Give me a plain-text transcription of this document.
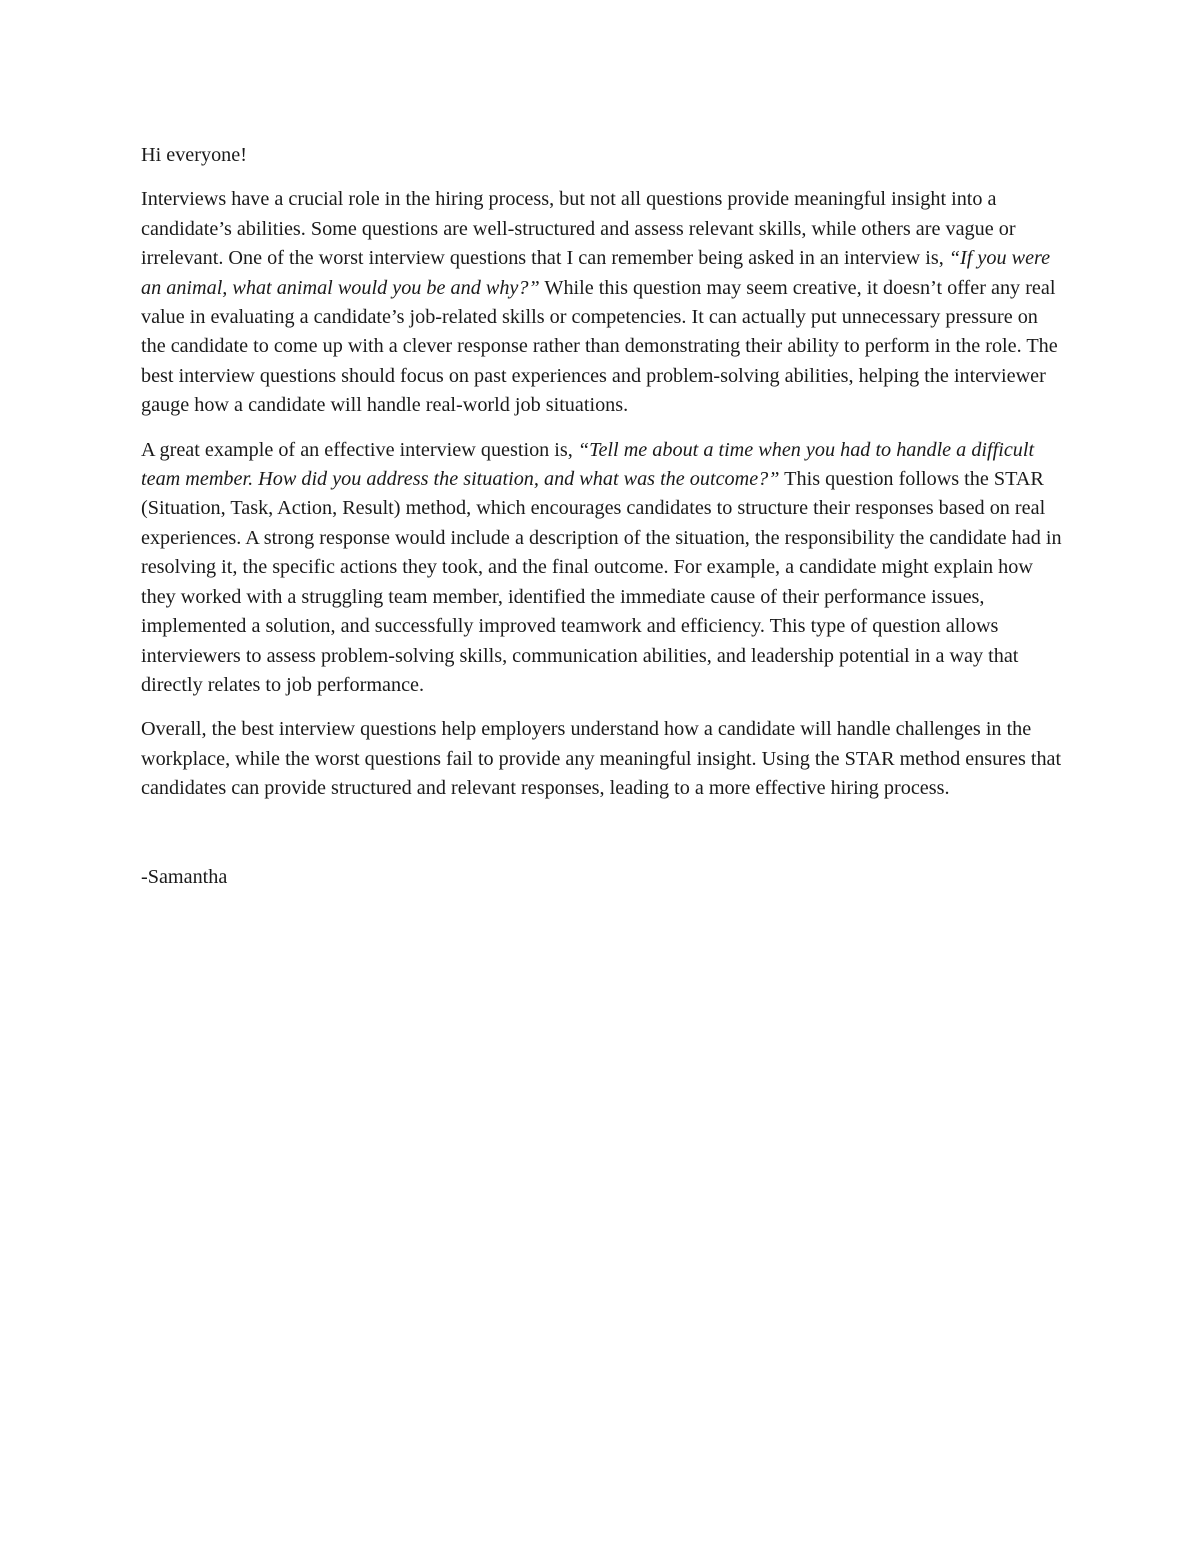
Hi everyone!

Interviews have a crucial role in the hiring process, but not all questions provide meaningful insight into a candidate’s abilities. Some questions are well-structured and assess relevant skills, while others are vague or irrelevant. One of the worst interview questions that I can remember being asked in an interview is, “If you were an animal, what animal would you be and why?” While this question may seem creative, it doesn’t offer any real value in evaluating a candidate’s job-related skills or competencies. It can actually put unnecessary pressure on the candidate to come up with a clever response rather than demonstrating their ability to perform in the role. The best interview questions should focus on past experiences and problem-solving abilities, helping the interviewer gauge how a candidate will handle real-world job situations.

A great example of an effective interview question is, “Tell me about a time when you had to handle a difficult team member. How did you address the situation, and what was the outcome?” This question follows the STAR (Situation, Task, Action, Result) method, which encourages candidates to structure their responses based on real experiences. A strong response would include a description of the situation, the responsibility the candidate had in resolving it, the specific actions they took, and the final outcome. For example, a candidate might explain how they worked with a struggling team member, identified the immediate cause of their performance issues, implemented a solution, and successfully improved teamwork and efficiency. This type of question allows interviewers to assess problem-solving skills, communication abilities, and leadership potential in a way that directly relates to job performance.

Overall, the best interview questions help employers understand how a candidate will handle challenges in the workplace, while the worst questions fail to provide any meaningful insight. Using the STAR method ensures that candidates can provide structured and relevant responses, leading to a more effective hiring process.

-Samantha
